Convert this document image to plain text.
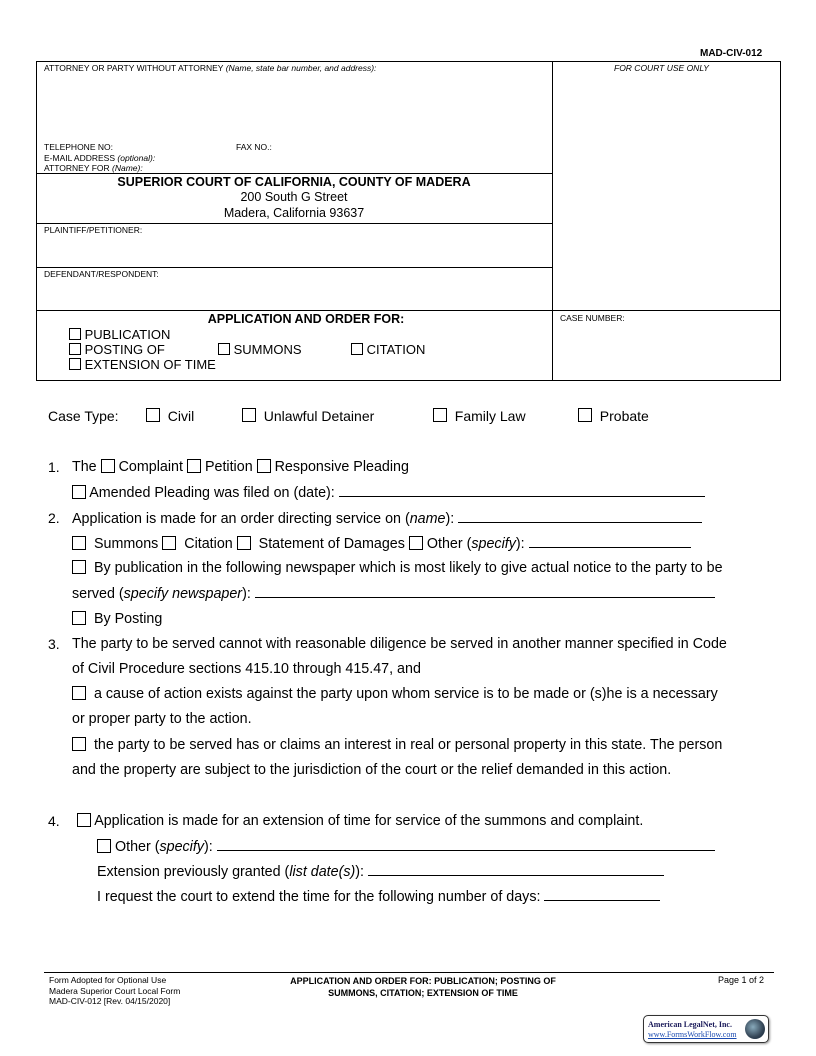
MAD-CIV-012
ATTORNEY OR PARTY WITHOUT ATTORNEY (Name, state bar number, and address):	FOR COURT USE ONLY
TELEPHONE NO:	FAX NO.:
E-MAIL ADDRESS (optional):
ATTORNEY FOR (Name):
SUPERIOR COURT OF CALIFORNIA, COUNTY OF MADERA
200 South G Street
Madera, California 93637
PLAINTIFF/PETITIONER:
DEFENDANT/RESPONDENT:
APPLICATION AND ORDER FOR:	CASE NUMBER:
PUBLICATION
POSTING OF	SUMMONS	CITATION
EXTENSION OF TIME
Case Type:	Civil	Unlawful Detainer	Family Law	Probate
1. The Complaint Petition Responsive Pleading
Amended Pleading was filed on (date):
2. Application is made for an order directing service on (name):
Summons Citation Statement of Damages Other (specify):
By publication in the following newspaper which is most likely to give actual notice to the party to be
served (specify newspaper):
By Posting
3. The party to be served cannot with reasonable diligence be served in another manner specified in Code
of Civil Procedure sections 415.10 through 415.47, and
a cause of action exists against the party upon whom service is to be made or (s)he is a necessary
or proper party to the action.
the party to be served has or claims an interest in real or personal property in this state. The person
and the property are subject to the jurisdiction of the court or the relief demanded in this action.
4.	Application is made for an extension of time for service of the summons and complaint.
Other (specify):
Extension previously granted (list date(s)):
I request the court to extend the time for the following number of days:
Form Adopted for Optional Use
Madera Superior Court Local Form
MAD-CIV-012 [Rev. 04/15/2020]
APPLICATION AND ORDER FOR: PUBLICATION; POSTING OF
SUMMONS, CITATION; EXTENSION OF TIME
Page 1 of 2
American LegalNet, Inc.
www.FormsWorkFlow.com
